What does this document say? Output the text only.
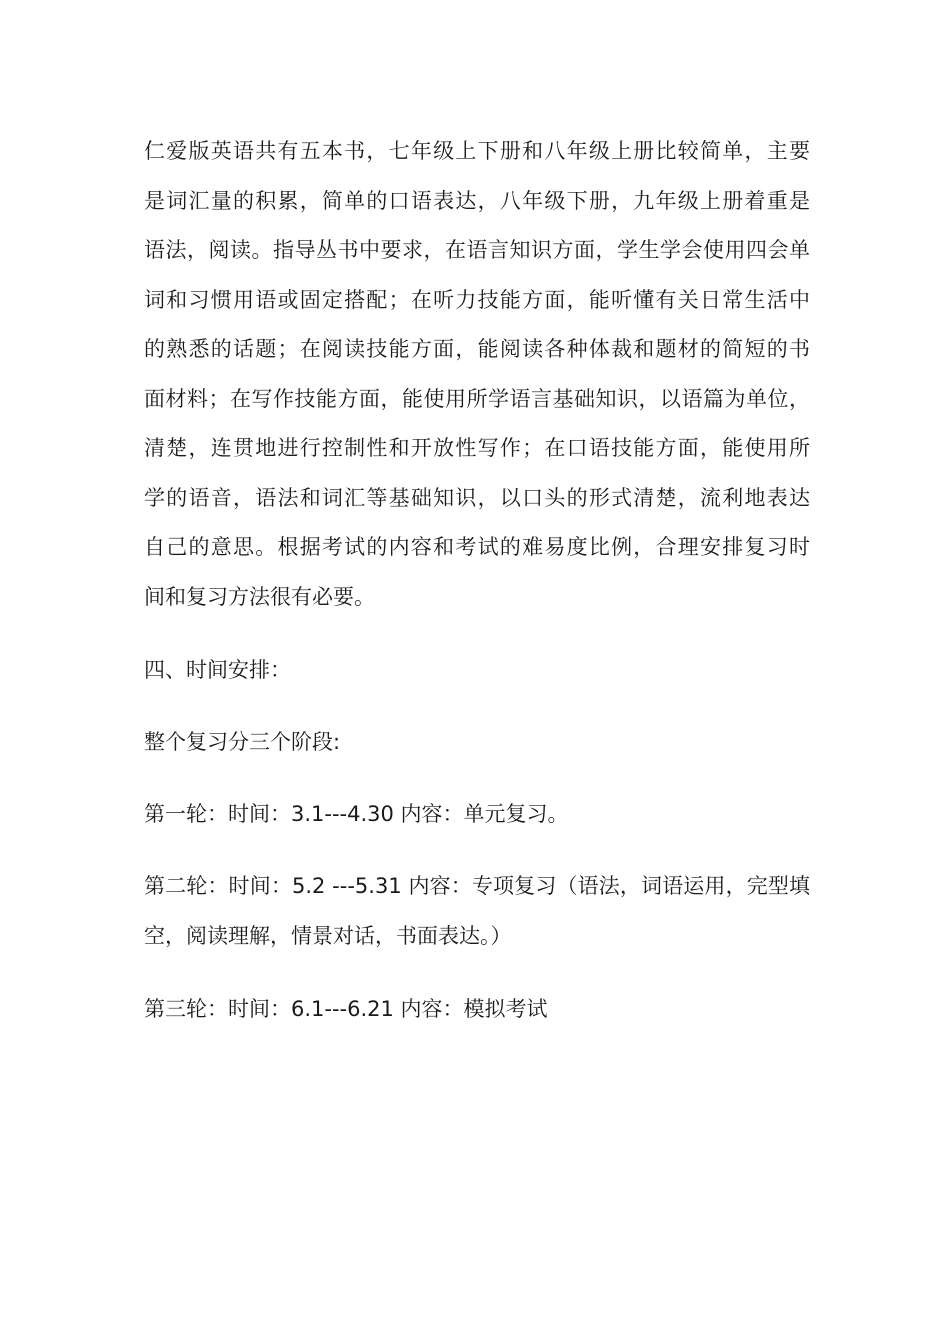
仁爱版英语共有五本书，七年级上下册和八年级上册比较简单，主要
是词汇量的积累，简单的口语表达，八年级下册，九年级上册着重是
语法，阅读。指导丛书中要求，在语言知识方面，学生学会使用四会单
词和习惯用语或固定搭配；在听力技能方面，能听懂有关日常生活中
的熟悉的话题；在阅读技能方面，能阅读各种体裁和题材的简短的书
面材料；在写作技能方面，能使用所学语言基础知识，以语篇为单位，
清楚，连贯地进行控制性和开放性写作；在口语技能方面，能使用所
学的语音，语法和词汇等基础知识，以口头的形式清楚，流利地表达
自己的意思。根据考试的内容和考试的难易度比例，合理安排复习时
间和复习方法很有必要。
四、时间安排：
整个复习分三个阶段:
第一轮：时间：3.1---4.30 内容：单元复习。
第二轮：时间：5.2 ---5.31 内容：专项复习（语法，词语运用，完型填
空，阅读理解，情景对话，书面表达。）
第三轮：时间：6.1---6.21 内容：模拟考试
